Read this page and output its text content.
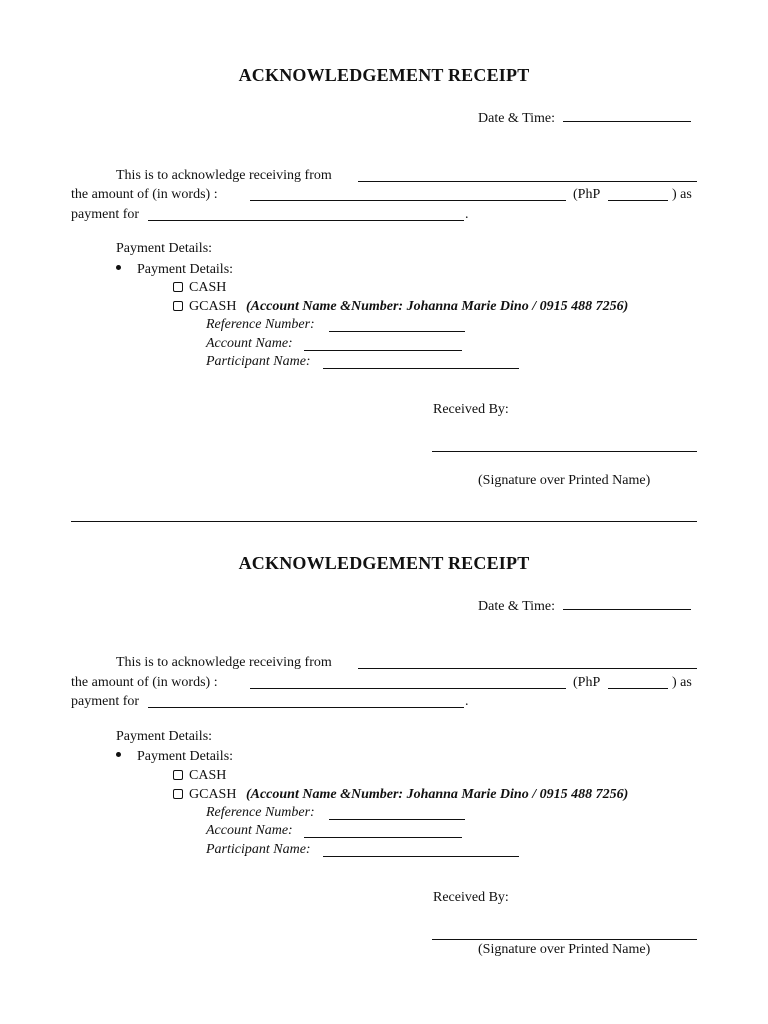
ACKNOWLEDGEMENT RECEIPT
Date & Time:
This is to acknowledge receiving from
the amount of (in words) :	(PhP	) as
payment for	.
Payment Details:
Payment Details:
CASH
GCASH (Account Name &Number: Johanna Marie Dino / 0915 488 7256)
Reference Number:
Account Name:
Participant Name:
Received By:
(Signature over Printed Name)
ACKNOWLEDGEMENT RECEIPT
Date & Time:
This is to acknowledge receiving from
the amount of (in words) :	(PhP	) as
payment for	.
Payment Details:
Payment Details:
CASH
GCASH (Account Name &Number: Johanna Marie Dino / 0915 488 7256)
Reference Number:
Account Name:
Participant Name:
Received By:
(Signature over Printed Name)
